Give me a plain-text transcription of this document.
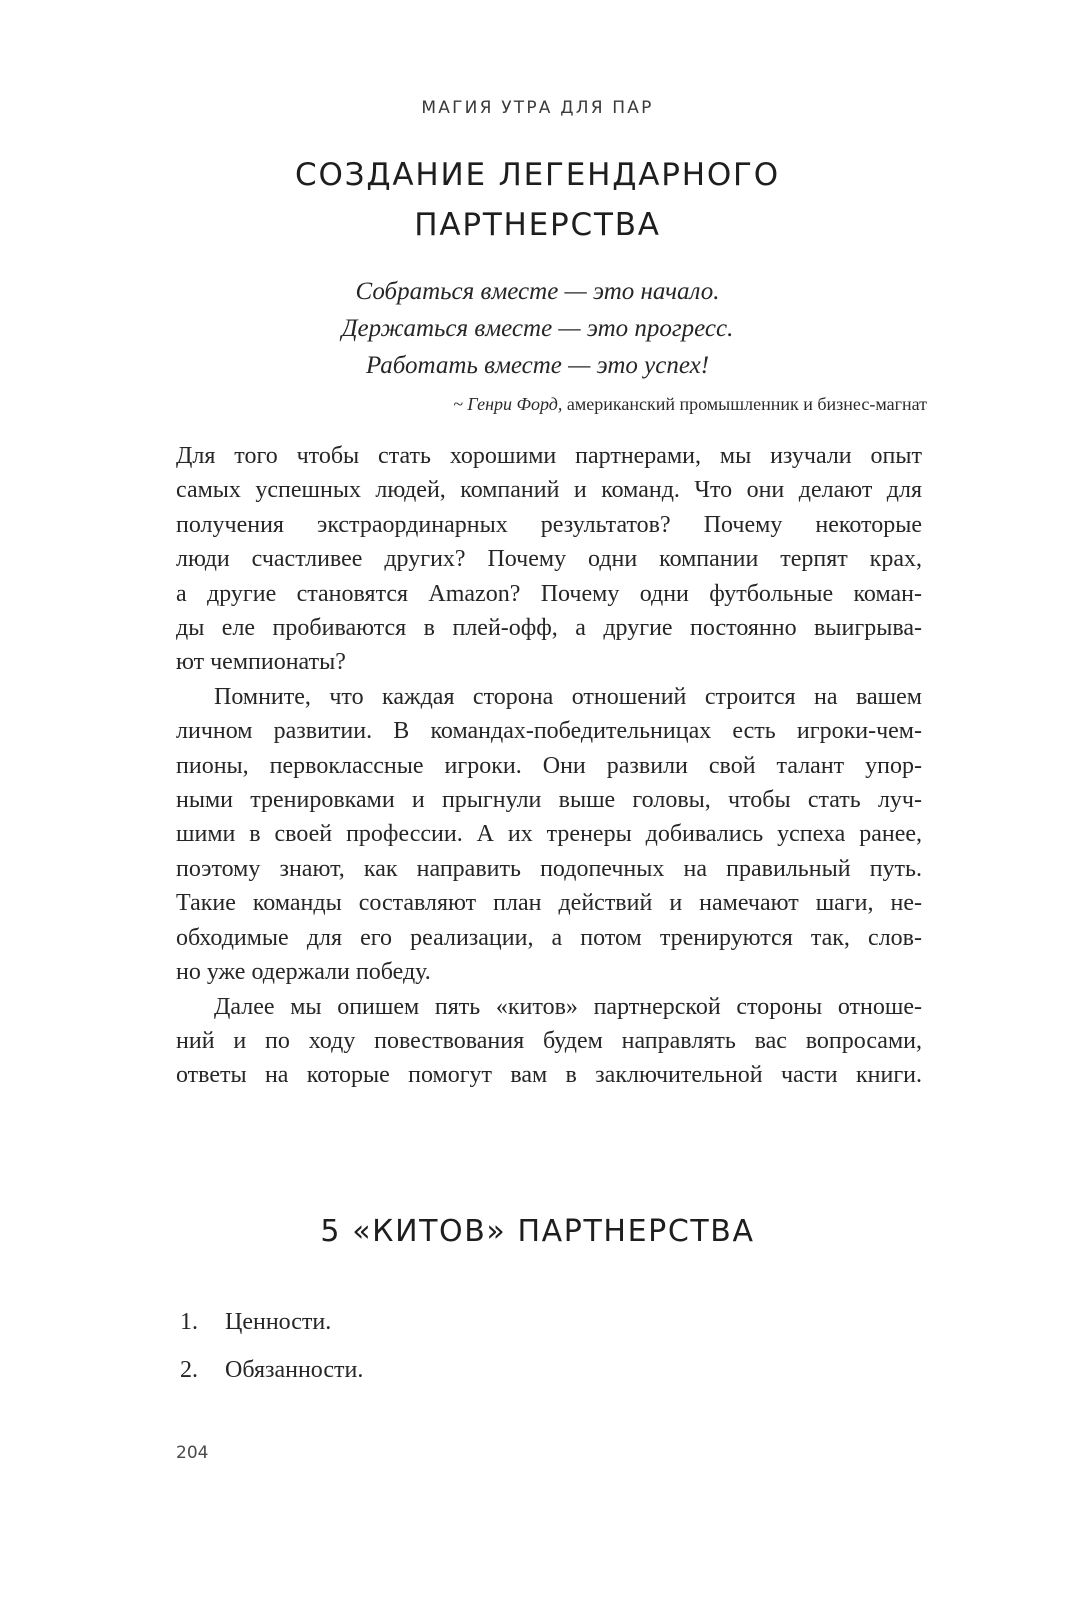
МАГИЯ УТРА ДЛЯ ПАР
СОЗДАНИЕ ЛЕГЕНДАРНОГО
ПАРТНЕРСТВА
Собраться вместе — это начало.
Держаться вместе — это прогресс.
Работать вместе — это успех!
~ Генри Форд, американский промышленник и бизнес-магнат
Для того чтобы стать хорошими партнерами, мы изучали опыт
самых успешных людей, компаний и команд. Что они делают для
получения экстраординарных результатов? Почему некоторые
люди счастливее других? Почему одни компании терпят крах,
а другие становятся Amazon? Почему одни футбольные коман-
ды еле пробиваются в плей-офф, а другие постоянно выигрыва-
ют чемпионаты?
Помните, что каждая сторона отношений строится на вашем
личном развитии. В командах-победительницах есть игроки-чем-
пионы, первоклассные игроки. Они развили свой талант упор-
ными тренировками и прыгнули выше головы, чтобы стать луч-
шими в своей профессии. А их тренеры добивались успеха ранее,
поэтому знают, как направить подопечных на правильный путь.
Такие команды составляют план действий и намечают шаги, не-
обходимые для его реализации, а потом тренируются так, слов-
но уже одержали победу.
Далее мы опишем пять «китов» партнерской стороны отноше-
ний и по ходу повествования будем направлять вас вопросами,
ответы на которые помогут вам в заключительной части книги.
5 «КИТОВ» ПАРТНЕРСТВА
1.	Ценности.
2.	Обязанности.
204
